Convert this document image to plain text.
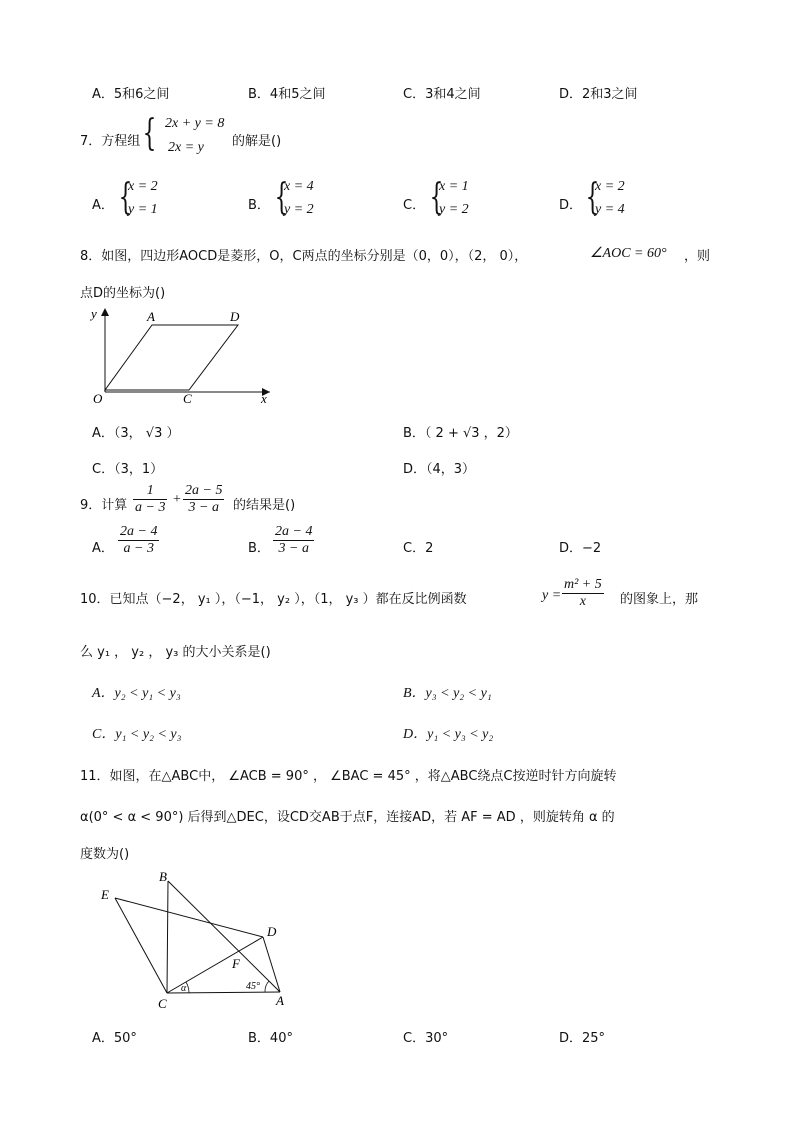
A．5和6之间	B．4和5之间	C．3和4之间	D．2和3之间
7．方程组 { 2x + y = 8
2x = y 的解是()
A． {
x = 2
y = 1	B． {
x = 4
y = 2	C． {
x = 1
y = 2	D． {
x = 2
y = 4
8．如图，四边形AOCD是菱形，O，C两点的坐标分别是（0，0），（2， 0），	∠AOC = 60° ，则
点D的坐标为()
y
x
O
A	D
C
A．（3， √3 ）	B．（ 2 + √3 ，2）
C．（3，1）	D．（4，3）
9．计算
1
a − 3
+
2a − 5
3 − a 的结果是()
A．
2a − 4
a − 3	B．
2a − 4
3 − a	C．2	D．−2
10．已知点（−2， y₁ ），（−1， y₂ ），（1， y₃ ）都在反比例函数	y =
m² + 5
x	的图象上，那
么 y₁ ， y₂ ， y₃ 的大小关系是()
A．y₂ < y₁ < y₃	B．y₃ < y₂ < y₁
C．y₁ < y₂ < y₃	D．y₁ < y₃ < y₂
11．如图，在△ABC中， ∠ACB = 90° ， ∠BAC = 45° ，将△ABC绕点C按逆时针方向旋转
α(0° < α < 90°) 后得到△DEC，设CD交AB于点F，连接AD，若 AF = AD ，则旋转角 α 的
度数为()
B
E
D
F
C	A
α	45°
A．50°	B．40°	C．30°	D．25°
